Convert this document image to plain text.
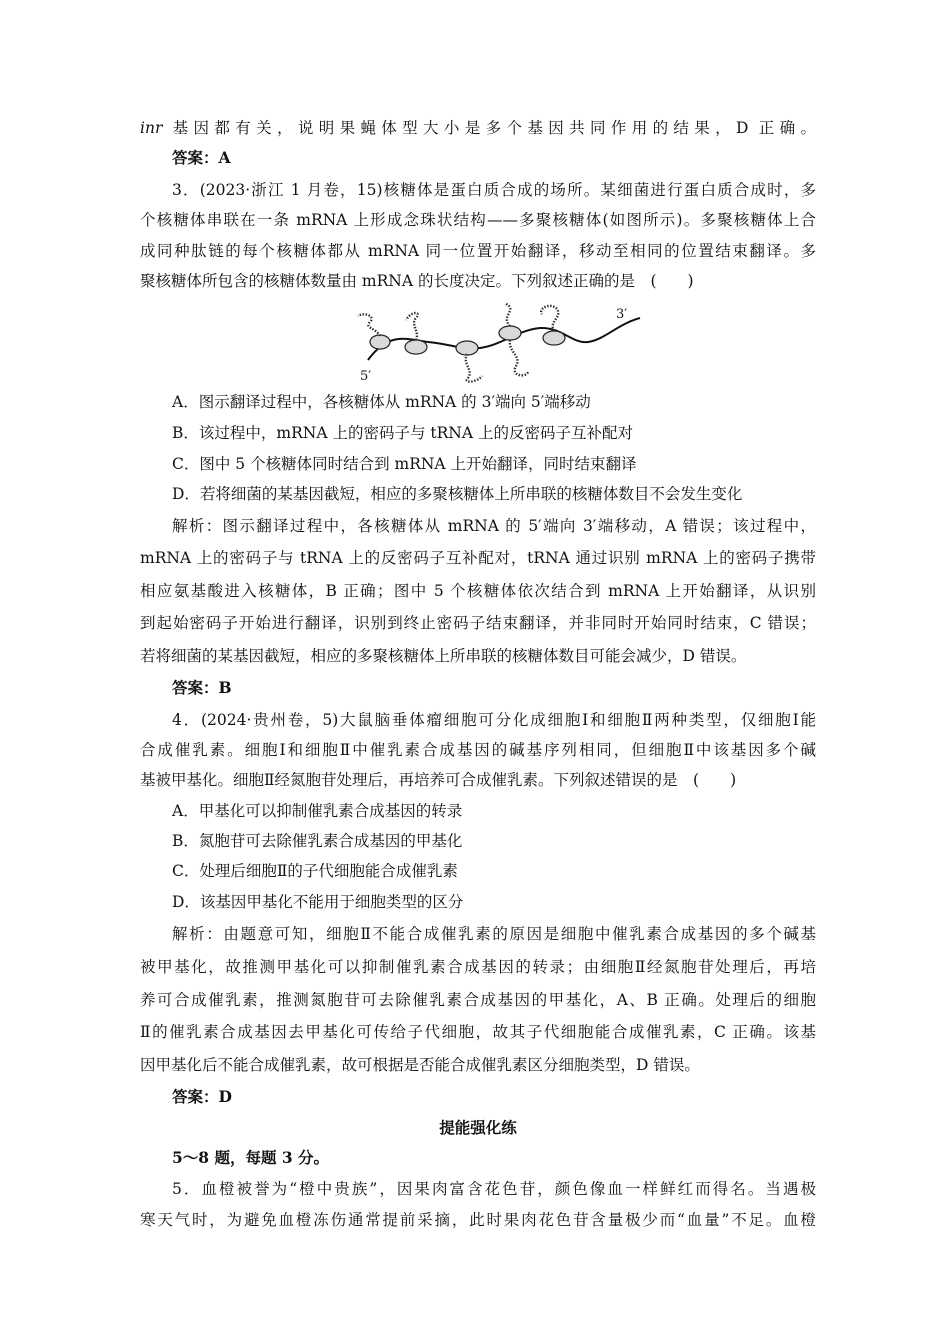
inr 基因都有关，说明果蝇体型大小是多个基因共同作用的结果，D 正确。
答案：A
3．(2023·浙江 1 月卷，15)核糖体是蛋白质合成的场所。某细菌进行蛋白质合成时，多
个核糖体串联在一条 mRNA 上形成念珠状结构——多聚核糖体(如图所示)。多聚核糖体上合
成同种肽链的每个核糖体都从 mRNA 同一位置开始翻译，移动至相同的位置结束翻译。多
聚核糖体所包含的核糖体数量由 mRNA 的长度决定。下列叙述正确的是　(　　)
3′
5′
A．图示翻译过程中，各核糖体从 mRNA 的 3′端向 5′端移动
B．该过程中，mRNA 上的密码子与 tRNA 上的反密码子互补配对
C．图中 5 个核糖体同时结合到 mRNA 上开始翻译，同时结束翻译
D．若将细菌的某基因截短，相应的多聚核糖体上所串联的核糖体数目不会发生变化
解析：图示翻译过程中，各核糖体从 mRNA 的 5′端向 3′端移动，A 错误；该过程中，
mRNA 上的密码子与 tRNA 上的反密码子互补配对，tRNA 通过识别 mRNA 上的密码子携带
相应氨基酸进入核糖体，B 正确；图中 5 个核糖体依次结合到 mRNA 上开始翻译，从识别
到起始密码子开始进行翻译，识别到终止密码子结束翻译，并非同时开始同时结束，C 错误；
若将细菌的某基因截短，相应的多聚核糖体上所串联的核糖体数目可能会减少，D 错误。
答案：B
4．(2024·贵州卷，5)大鼠脑垂体瘤细胞可分化成细胞Ⅰ和细胞Ⅱ两种类型，仅细胞Ⅰ能
合成催乳素。细胞Ⅰ和细胞Ⅱ中催乳素合成基因的碱基序列相同，但细胞Ⅱ中该基因多个碱
基被甲基化。细胞Ⅱ经氮胞苷处理后，再培养可合成催乳素。下列叙述错误的是　(　　)
A．甲基化可以抑制催乳素合成基因的转录
B．氮胞苷可去除催乳素合成基因的甲基化
C．处理后细胞Ⅱ的子代细胞能合成催乳素
D．该基因甲基化不能用于细胞类型的区分
解析：由题意可知，细胞Ⅱ不能合成催乳素的原因是细胞中催乳素合成基因的多个碱基
被甲基化，故推测甲基化可以抑制催乳素合成基因的转录；由细胞Ⅱ经氮胞苷处理后，再培
养可合成催乳素，推测氮胞苷可去除催乳素合成基因的甲基化，A、B 正确。处理后的细胞
Ⅱ的催乳素合成基因去甲基化可传给子代细胞，故其子代细胞能合成催乳素，C 正确。该基
因甲基化后不能合成催乳素，故可根据是否能合成催乳素区分细胞类型，D 错误。
答案：D
提能强化练
5～8 题，每题 3 分。
5．血橙被誉为“橙中贵族”，因果肉富含花色苷，颜色像血一样鲜红而得名。当遇极
寒天气时，为避免血橙冻伤通常提前采摘，此时果肉花色苷含量极少而“血量”不足。血橙
